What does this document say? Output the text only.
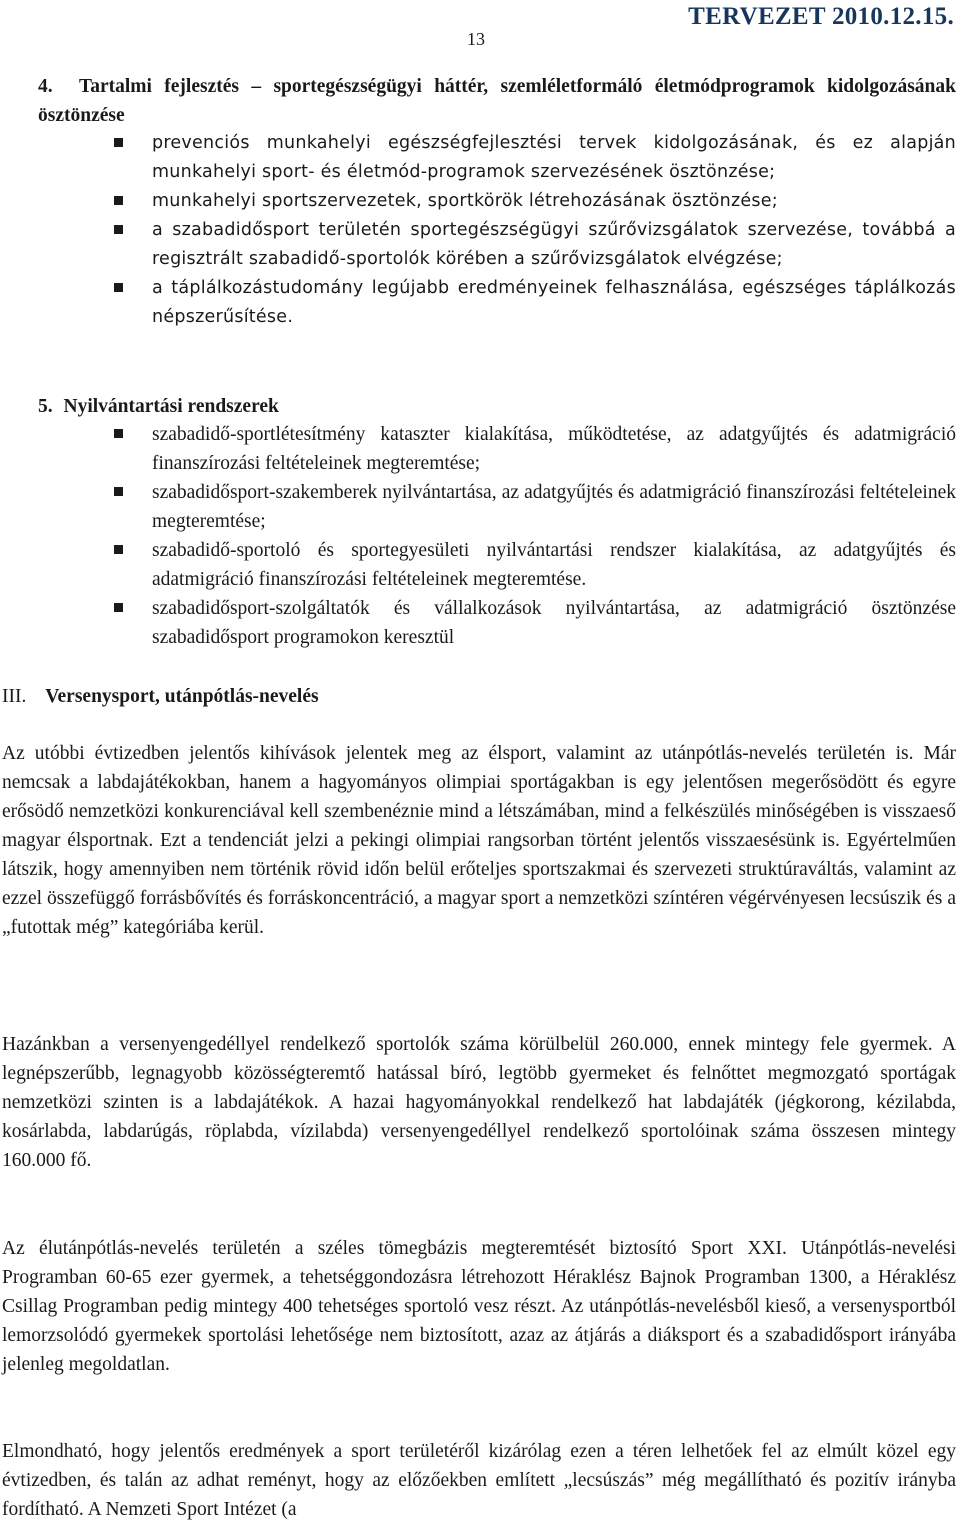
13
TERVEZET 2010.12.15.
4. Tartalmi fejlesztés – sportegészségügyi háttér, szemléletformáló életmódprogramok kidolgozásának ösztönzése
prevenciós munkahelyi egészségfejlesztési tervek kidolgozásának, és ez alapján munkahelyi sport- és életmód-programok szervezésének ösztönzése;
munkahelyi sportszervezetek, sportkörök létrehozásának ösztönzése;
a szabadidősport területén sportegészségügyi szűrővizsgálatok szervezése, továbbá a regisztrált szabadidő-sportolók körében a szűrővizsgálatok elvégzése;
a táplálkozástudomány legújabb eredményeinek felhasználása, egészséges táplálkozás népszerűsítése.
5. Nyilvántartási rendszerek
szabadidő-sportlétesítmény kataszter kialakítása, működtetése, az adatgyűjtés és adatmigráció finanszírozási feltételeinek megteremtése;
szabadidősport-szakemberek nyilvántartása, az adatgyűjtés és adatmigráció finanszírozási feltételeinek megteremtése;
szabadidő-sportoló és sportegyesületi nyilvántartási rendszer kialakítása, az adatgyűjtés és adatmigráció finanszírozási feltételeinek megteremtése.
szabadidősport-szolgáltatók és vállalkozások nyilvántartása, az adatmigráció ösztönzése szabadidősport programokon keresztül
III. Versenysport, utánpótlás-nevelés

Az utóbbi évtizedben jelentős kihívások jelentek meg az élsport, valamint az utánpótlás-nevelés területén is. Már nemcsak a labdajátékokban, hanem a hagyományos olimpiai sportágakban is egy jelentősen megerősödött és egyre erősödő nemzetközi konkurenciával kell szembenéznie mind a létszámában, mind a felkészülés minőségében is visszaeső magyar élsportnak. Ezt a tendenciát jelzi a pekingi olimpiai rangsorban történt jelentős visszaesésünk is. Egyértelműen látszik, hogy amennyiben nem történik rövid időn belül erőteljes sportszakmai és szervezeti struktúraváltás, valamint az ezzel összefüggő forrásbővítés és forráskoncentráció, a magyar sport a nemzetközi színtéren végérvényesen lecsúszik és a „futottak még” kategóriába kerül.

Hazánkban a versenyengedéllyel rendelkező sportolók száma körülbelül 260.000, ennek mintegy fele gyermek. A legnépszerűbb, legnagyobb közösségteremtő hatással bíró, legtöbb gyermeket és felnőttet megmozgató sportágak nemzetközi szinten is a labdajátékok. A hazai hagyományokkal rendelkező hat labdajáték (jégkorong, kézilabda, kosárlabda, labdarúgás, röplabda, vízilabda) versenyengedéllyel rendelkező sportolóinak száma összesen mintegy 160.000 fő.

Az élutánpótlás-nevelés területén a széles tömegbázis megteremtését biztosító Sport XXI. Utánpótlás-nevelési Programban 60-65 ezer gyermek, a tehetséggondozásra létrehozott Héraklész Bajnok Programban 1300, a Héraklész Csillag Programban pedig mintegy 400 tehetséges sportoló vesz részt. Az utánpótlás-nevelésből kieső, a versenysportból lemorzsolódó gyermekek sportolási lehetősége nem biztosított, azaz az átjárás a diáksport és a szabadidősport irányába jelenleg megoldatlan.

Elmondható, hogy jelentős eredmények a sport területéről kizárólag ezen a téren lelhetőek fel az elmúlt közel egy évtizedben, és talán az adhat reményt, hogy az előzőekben említett „lecsúszás” még megállítható és pozitív irányba fordítható. A Nemzeti Sport Intézet (a
